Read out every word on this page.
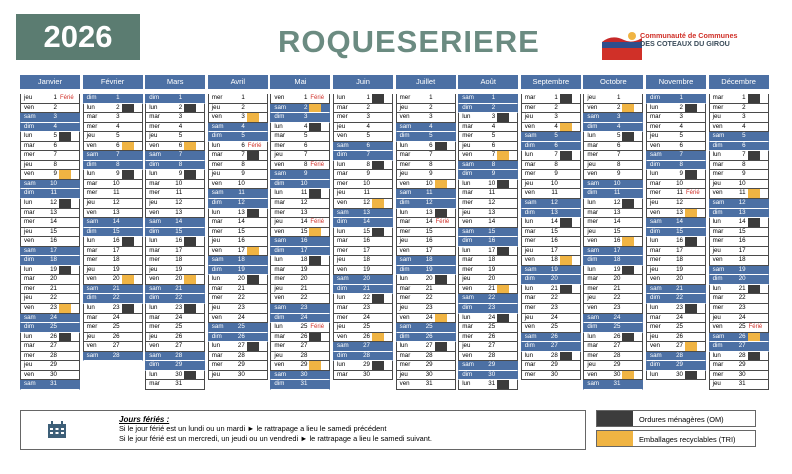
2026	ROQUESERIERE	Communauté de Communes
DES COTEAUX DU GIROU
Janvier
jeu	1 Férié
ven	2
sam	3
dim	4
lun	5
mar	6
mer	7
jeu	8
ven	9
sam	10
dim	11
lun	12
mar	13
mer	14
jeu	15
ven	16
sam	17
dim	18
lun	19
mar	20
mer	21
jeu	22
ven	23
sam	24
dim	25
lun	26
mar	27
mer	28
jeu	29
ven	30
sam	31
Février
dim	1
lun	2
mar	3
mer	4
jeu	5
ven	6
sam	7
dim	8
lun	9
mar	10
mer	11
jeu	12
ven	13
sam	14
dim	15
lun	16
mar	17
mer	18
jeu	19
ven	20
sam	21
dim	22
lun	23
mar	24
mer	25
jeu	26
ven	27
sam	28
Mars
dim	1
lun	2
mar	3
mer	4
jeu	5
ven	6
sam	7
dim	8
lun	9
mar	10
mer	11
jeu	12
ven	13
sam	14
dim	15
lun	16
mar	17
mer	18
jeu	19
ven	20
sam	21
dim	22
lun	23
mar	24
mer	25
jeu	26
ven	27
sam	28
dim	29
lun	30
mar	31
Avril
mer	1
jeu	2
ven	3
sam	4
dim	5
lun	6 Férié
mar	7
mer	8
jeu	9
ven	10
sam	11
dim	12
lun	13
mar	14
mer	15
jeu	16
ven	17
sam	18
dim	19
lun	20
mar	21
mer	22
jeu	23
ven	24
sam	25
dim	26
lun	27
mar	28
mer	29
jeu	30
Mai
ven	1 Férié
sam	2
dim	3
lun	4
mar	5
mer	6
jeu	7
ven	8 Férié
sam	9
dim	10
lun	11
mar	12
mer	13
jeu	14 Férié
ven	15
sam	16
dim	17
lun	18
mar	19
mer	20
jeu	21
ven	22
sam	23
dim	24
lun	25 Férié
mar	26
mer	27
jeu	28
ven	29
sam	30
dim	31
Juin
lun	1
mar	2
mer	3
jeu	4
ven	5
sam	6
dim	7
lun	8
mar	9
mer	10
jeu	11
ven	12
sam	13
dim	14
lun	15
mar	16
mer	17
jeu	18
ven	19
sam	20
dim	21
lun	22
mar	23
mer	24
jeu	25
ven	26
sam	27
dim	28
lun	29
mar	30
Juillet
mer	1
jeu	2
ven	3
sam	4
dim	5
lun	6
mar	7
mer	8
jeu	9
ven	10
sam	11
dim	12
lun	13
mar	14 Férié
mer	15
jeu	16
ven	17
sam	18
dim	19
lun	20
mar	21
mer	22
jeu	23
ven	24
sam	25
dim	26
lun	27
mar	28
mer	29
jeu	30
ven	31
Août
sam	1
dim	2
lun	3
mar	4
mer	5
jeu	6
ven	7
sam	8
dim	9
lun	10
mar	11
mer	12
jeu	13
ven	14
sam	15
dim	16
lun	17
mar	18
mer	19
jeu	20
ven	21
sam	22
dim	23
lun	24
mar	25
mer	26
jeu	27
ven	28
sam	29
dim	30
lun	31
Septembre
mar	1
mer	2
jeu	3
ven	4
sam	5
dim	6
lun	7
mar	8
mer	9
jeu	10
ven	11
sam	12
dim	13
lun	14
mar	15
mer	16
jeu	17
ven	18
sam	19
dim	20
lun	21
mar	22
mer	23
jeu	24
ven	25
sam	26
dim	27
lun	28
mar	29
mer	30
Octobre
jeu	1
ven	2
sam	3
dim	4
lun	5
mar	6
mer	7
jeu	8
ven	9
sam	10
dim	11
lun	12
mar	13
mer	14
jeu	15
ven	16
sam	17
dim	18
lun	19
mar	20
mer	21
jeu	22
ven	23
sam	24
dim	25
lun	26
mar	27
mer	28
jeu	29
ven	30
sam	31
Novembre
dim	1
lun	2
mar	3
mer	4
jeu	5
ven	6
sam	7
dim	8
lun	9
mar	10
mer	11 Férié
jeu	12
ven	13
sam	14
dim	15
lun	16
mar	17
mer	18
jeu	19
ven	20
sam	21
dim	22
lun	23
mar	24
mer	25
jeu	26
ven	27
sam	28
dim	29
lun	30
Décembre
mar	1
mer	2
jeu	3
ven	4
sam	5
dim	6
lun	7
mar	8
mer	9
jeu	10
ven	11
sam	12
dim	13
lun	14
mar	15
mer	16
jeu	17
ven	18
sam	19
dim	20
lun	21
mar	22
mer	23
jeu	24
ven	25 Férié
sam	26
dim	27
lun	28
mar	29
mer	30
jeu	31
Jours fériés :
Si le jour férié est un lundi ou un mardi ► le rattrapage a lieu le samedi précédent
Si le jour férié est un mercredi, un jeudi ou un vendredi ► le rattrapage a lieu le samedi suivant.
Ordures ménagères (OM)
Emballages recyclables (TRI)
